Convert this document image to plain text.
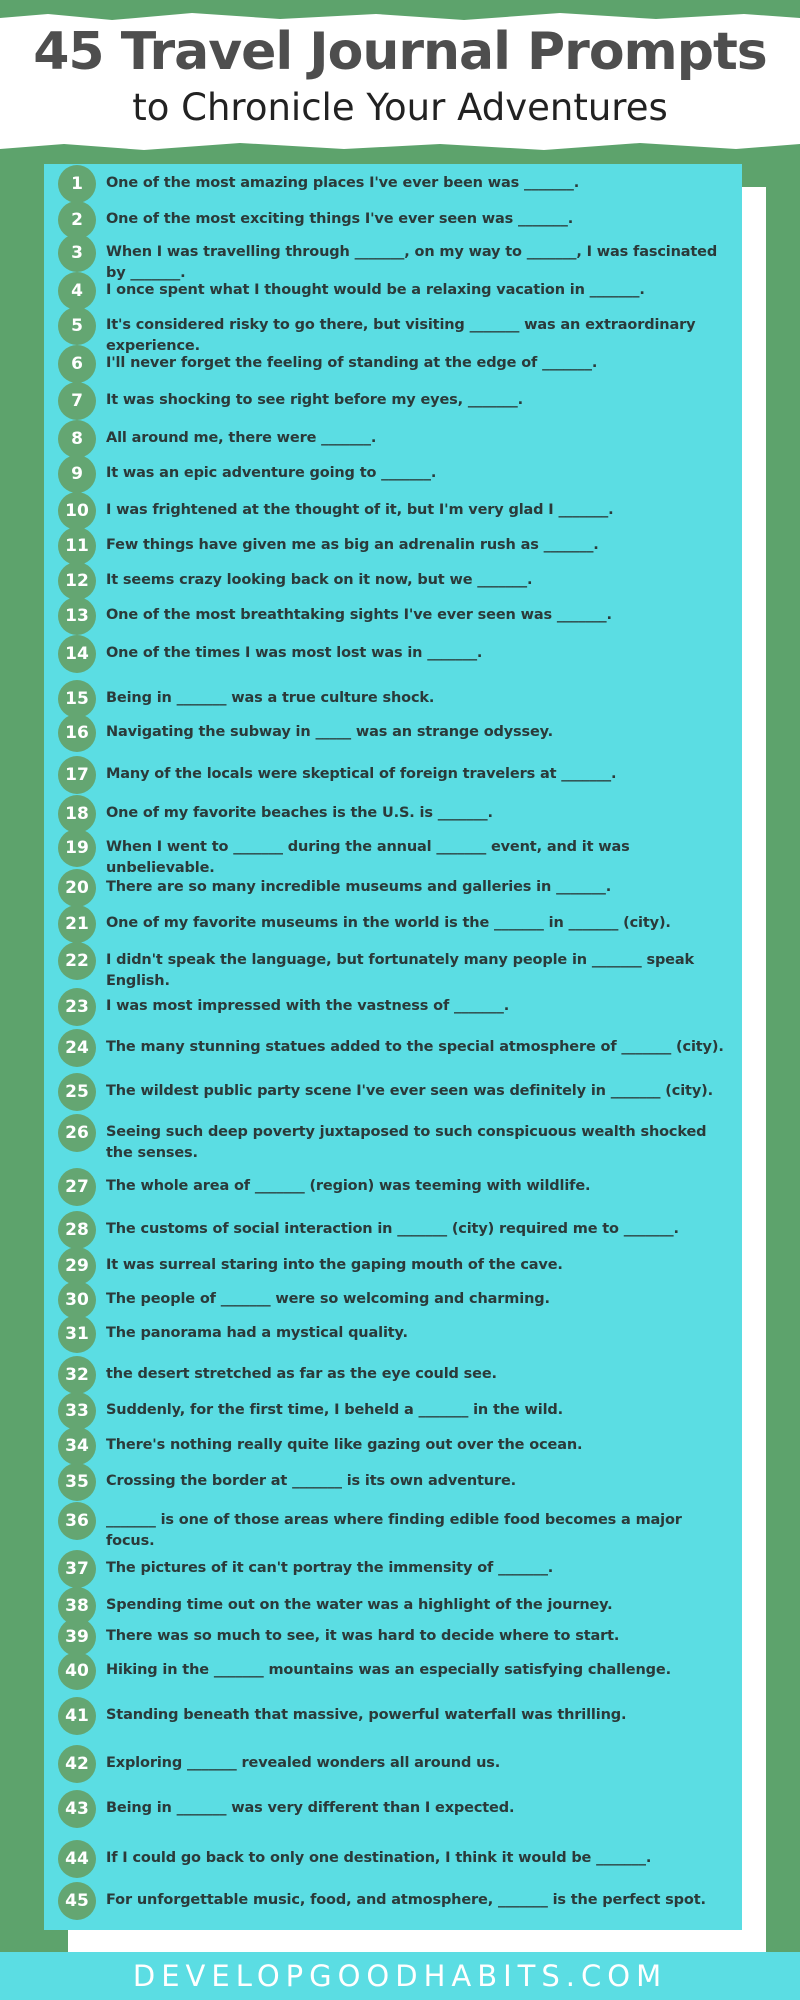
45 Travel Journal Prompts
to Chronicle Your Adventures
1	One of the most amazing places I've ever been was _______.
2	One of the most exciting things I've ever seen was _______.
3	When I was travelling through _______, on my way to _______, I was fascinated by _______.
4	I once spent what I thought would be a relaxing vacation in _______.
5	It's considered risky to go there, but visiting _______ was an extraordinary experience.
6	I'll never forget the feeling of standing at the edge of _______.
7	It was shocking to see right before my eyes, _______.
8	All around me, there were _______.
9	It was an epic adventure going to _______.
10	I was frightened at the thought of it, but I'm very glad I _______.
11	Few things have given me as big an adrenalin rush as _______.
12	It seems crazy looking back on it now, but we _______.
13	One of the most breathtaking sights I've ever seen was _______.
14	One of the times I was most lost was in _______.
15	Being in _______ was a true culture shock.
16	Navigating the subway in _____ was an strange odyssey.
17	Many of the locals were skeptical of foreign travelers at _______.
18	One of my favorite beaches is the U.S. is _______.
19	When I went to _______ during the annual _______ event, and it was unbelievable.
20	There are so many incredible museums and galleries in _______.
21	One of my favorite museums in the world is the _______ in _______ (city).
22	I didn't speak the language, but fortunately many people in _______ speak English.
23	I was most impressed with the vastness of _______.
24	The many stunning statues added to the special atmosphere of _______ (city).
25	The wildest public party scene I've ever seen was definitely in _______ (city).
26	Seeing such deep poverty juxtaposed to such conspicuous wealth shocked the senses.
27	The whole area of _______ (region) was teeming with wildlife.
28	The customs of social interaction in _______ (city) required me to _______.
29	It was surreal staring into the gaping mouth of the cave.
30	The people of _______ were so welcoming and charming.
31	The panorama had a mystical quality.
32	the desert stretched as far as the eye could see.
33	Suddenly, for the first time, I beheld a _______ in the wild.
34	There's nothing really quite like gazing out over the ocean.
35	Crossing the border at _______ is its own adventure.
36	_______ is one of those areas where finding edible food becomes a major focus.
37	The pictures of it can't portray the immensity of _______.
38	Spending time out on the water was a highlight of the journey.
39	There was so much to see, it was hard to decide where to start.
40	Hiking in the _______ mountains was an especially satisfying challenge.
41	Standing beneath that massive, powerful waterfall was thrilling.
42	Exploring _______ revealed wonders all around us.
43	Being in _______ was very different than I expected.
44	If I could go back to only one destination, I think it would be _______.
45	For unforgettable music, food, and atmosphere, _______ is the perfect spot.
DEVELOPGOODHABITS.COM
